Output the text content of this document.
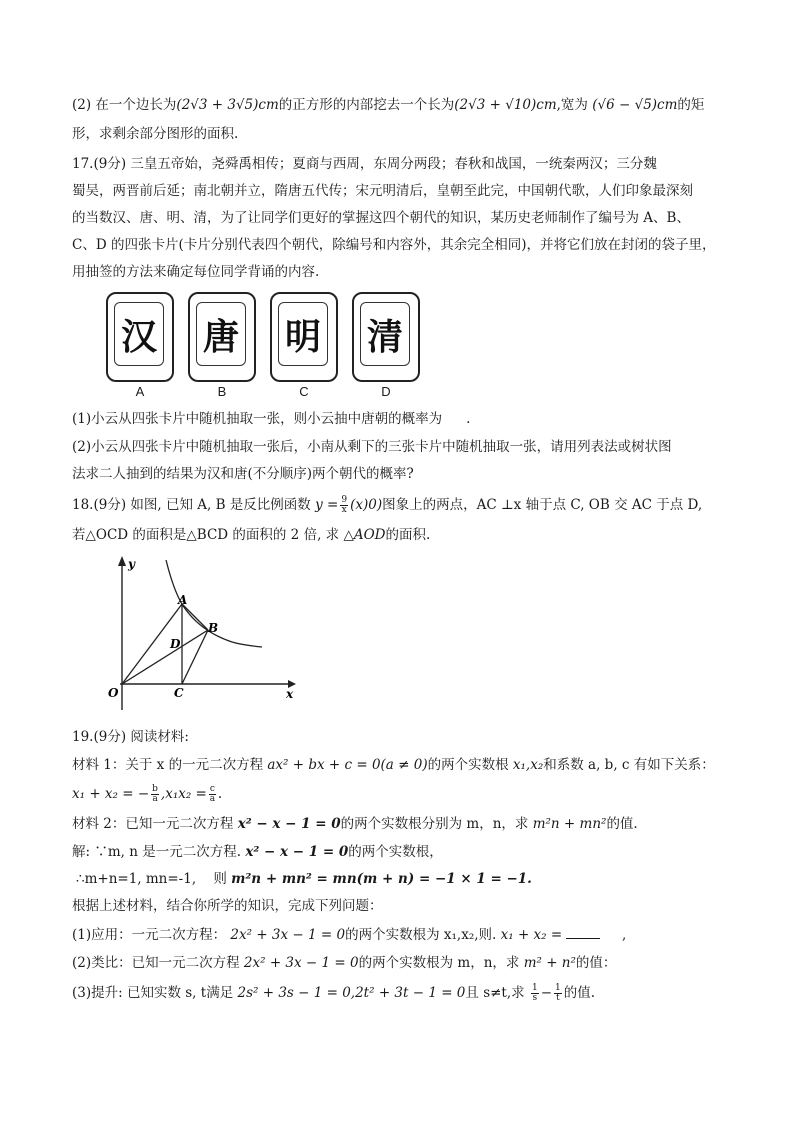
(2) 在一个边长为(2√3 + 3√5)cm的正方形的内部挖去一个长为(2√3 + √10)cm,宽为 (√6 − √5)cm的矩
形，求剩余部分图形的面积.
17.(9分) 三皇五帝始，尧舜禹相传；夏商与西周，东周分两段；春秋和战国，一统秦两汉；三分魏
蜀吴，两晋前后延；南北朝并立，隋唐五代传；宋元明清后，皇朝至此完，中国朝代歌，人们印象最深刻
的当数汉、唐、明、清，为了让同学们更好的掌握这四个朝代的知识，某历史老师制作了编号为 A、B、
C、D 的四张卡片(卡片分别代表四个朝代，除编号和内容外，其余完全相同)，并将它们放在封闭的袋子里，
用抽签的方法来确定每位同学背诵的内容.
汉
A
唐
B
明
C
清
D
(1)小云从四张卡片中随机抽取一张，则小云抽中唐朝的概率为 .
(2)小云从四张卡片中随机抽取一张后，小南从剩下的三张卡片中随机抽取一张，请用列表法或树状图
法求二人抽到的结果为汉和唐(不分顺序)两个朝代的概率?
18.(9分) 如图, 已知 A, B 是反比例函数 $y = \frac{9}{x} (x)0$)图象上的两点，AC ⊥x 轴于点 C, OB 交 AC 于点 D,
若△OCD 的面积是△BCD 的面积的 2 倍, 求 △AOD的面积.
y
x
O
A
B
C
D
19.(9分) 阅读材料:
材料 1：关于 x 的一元二次方程 ax² + bx + c = 0(a ≠ 0)的两个实数根 x₁,x₂和系数 a, b, c 有如下关系：
x₁ + x₂ = − $\frac{b}{a} ,x_1x_2 = \frac{c}{a}$ .
材料 2：已知一元二次方程 x² − x − 1 = 0的两个实数根分别为 m，n，求 m²n + mn²的值.
解: ∵m, n 是一元二次方程. x² − x − 1 = 0的两个实数根，
∴m+n=1, mn=-1, 则 m²n + mn² = mn(m + n) = −1 × 1 = −1.
根据上述材料，结合你所学的知识，完成下列问题：
(1)应用：一元二次方程： 2x² + 3x − 1 = 0的两个实数根为 x₁,x₂,则. x₁ + x₂ =	,
(2)类比：已知一元二次方程 2x² + 3x − 1 = 0的两个实数根为 m，n，求 m² + n²的值：
(3)提升: 已知实数 s, t满足 2s² + 3s − 1 = 0,2t² + 3t − 1 = 0且 s≠t,求 $\frac{1}{s} - \frac{1}{t}$ 的值.
